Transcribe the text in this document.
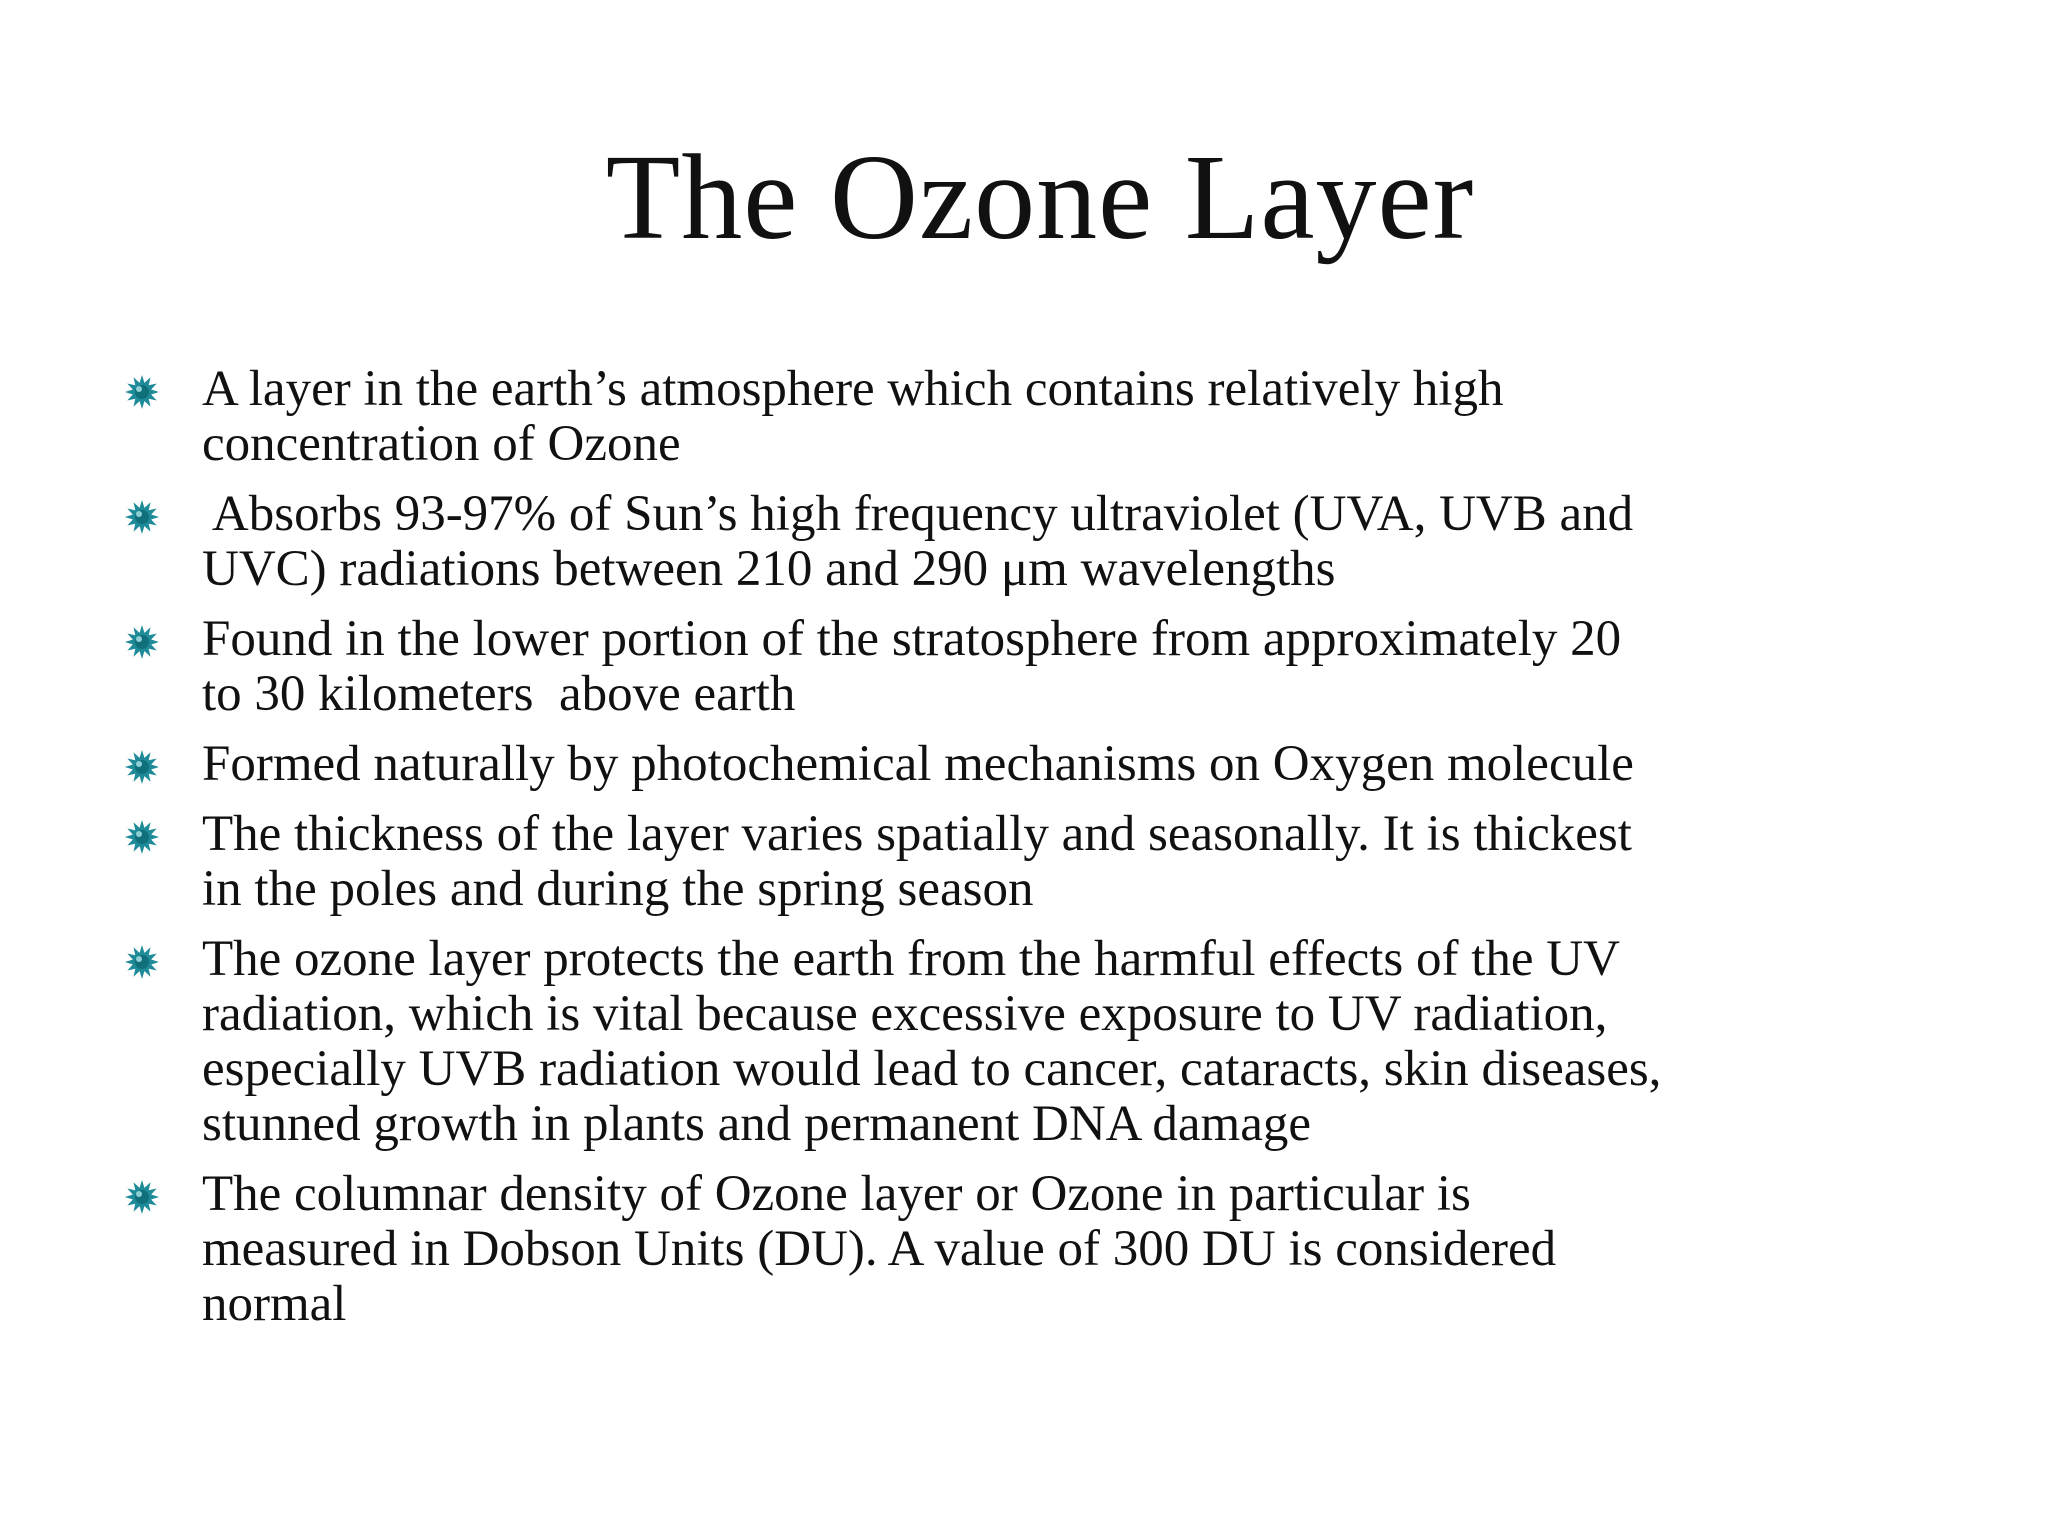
The Ozone Layer
A layer in the earth’s atmosphere which contains relatively high
concentration of Ozone
Absorbs 93-97% of Sun’s high frequency ultraviolet (UVA, UVB and
UVC) radiations between 210 and 290 μm wavelengths
Found in the lower portion of the stratosphere from approximately 20
to 30 kilometers  above earth
Formed naturally by photochemical mechanisms on Oxygen molecule
The thickness of the layer varies spatially and seasonally. It is thickest
in the poles and during the spring season
The ozone layer protects the earth from the harmful effects of the UV
radiation, which is vital because excessive exposure to UV radiation,
especially UVB radiation would lead to cancer, cataracts, skin diseases,
stunned growth in plants and permanent DNA damage
The columnar density of Ozone layer or Ozone in particular is
measured in Dobson Units (DU). A value of 300 DU is considered
normal
